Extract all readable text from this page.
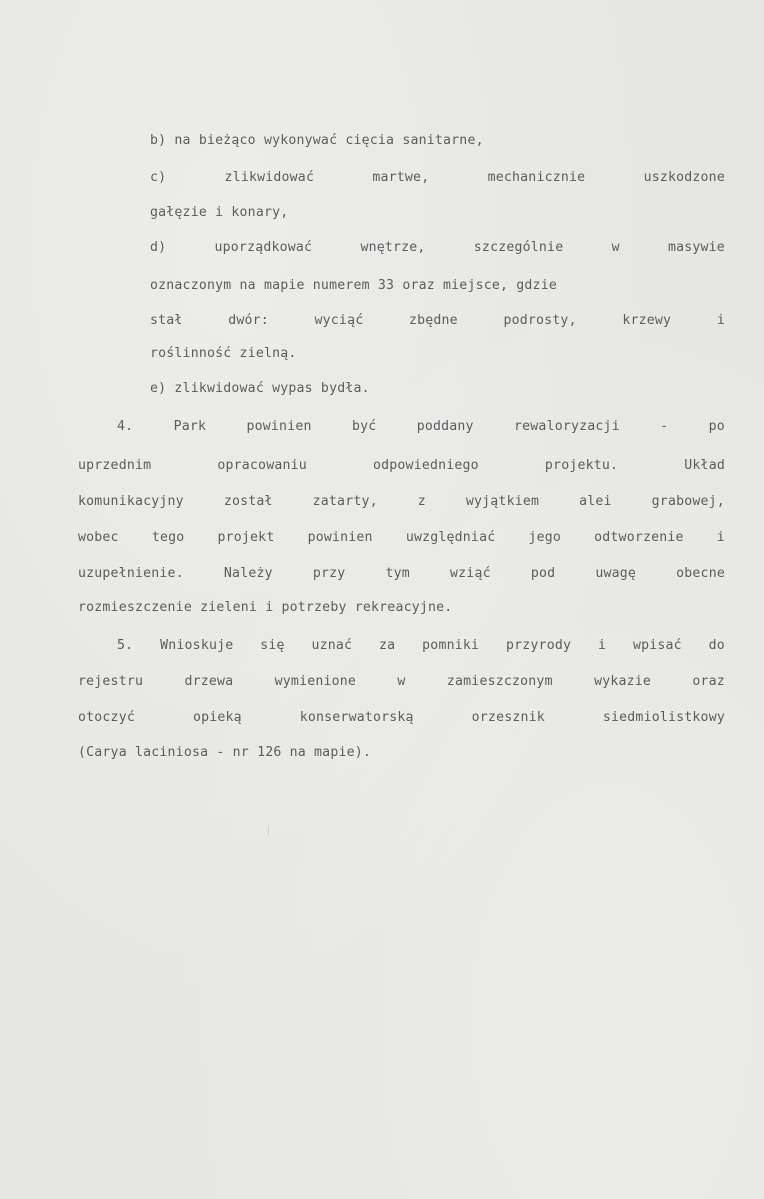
b) na bieżąco wykonywać cięcia sanitarne,
c)	zlikwidować	martwe,	mechanicznie	uszkodzone
gałęzie i konary,
d)	uporządkować	wnętrze,	szczególnie	w	masywie
oznaczonym na mapie numerem 33 oraz miejsce, gdzie
stał	dwór:	wyciąć	zbędne	podrosty,	krzewy	i
roślinność zielną.
e) zlikwidować wypas bydła.
4.	Park	powinien	być	poddany	rewaloryzacji	-	po
uprzednim	opracowaniu	odpowiedniego	projektu.	Układ
komunikacyjny	został	zatarty,	z	wyjątkiem	alei	grabowej,
wobec	tego	projekt	powinien	uwzględniać	jego	odtworzenie	i
uzupełnienie.	Należy	przy	tym	wziąć	pod	uwagę	obecne
rozmieszczenie zieleni i potrzeby rekreacyjne.
5. Wnioskuje się uznać za pomniki przyrody i wpisać do
rejestru	drzewa	wymienione	w	zamieszczonym	wykazie	oraz
otoczyć	opieką	konserwatorską	orzesznik	siedmiolistkowy
(Carya laciniosa - nr 126 na mapie).
